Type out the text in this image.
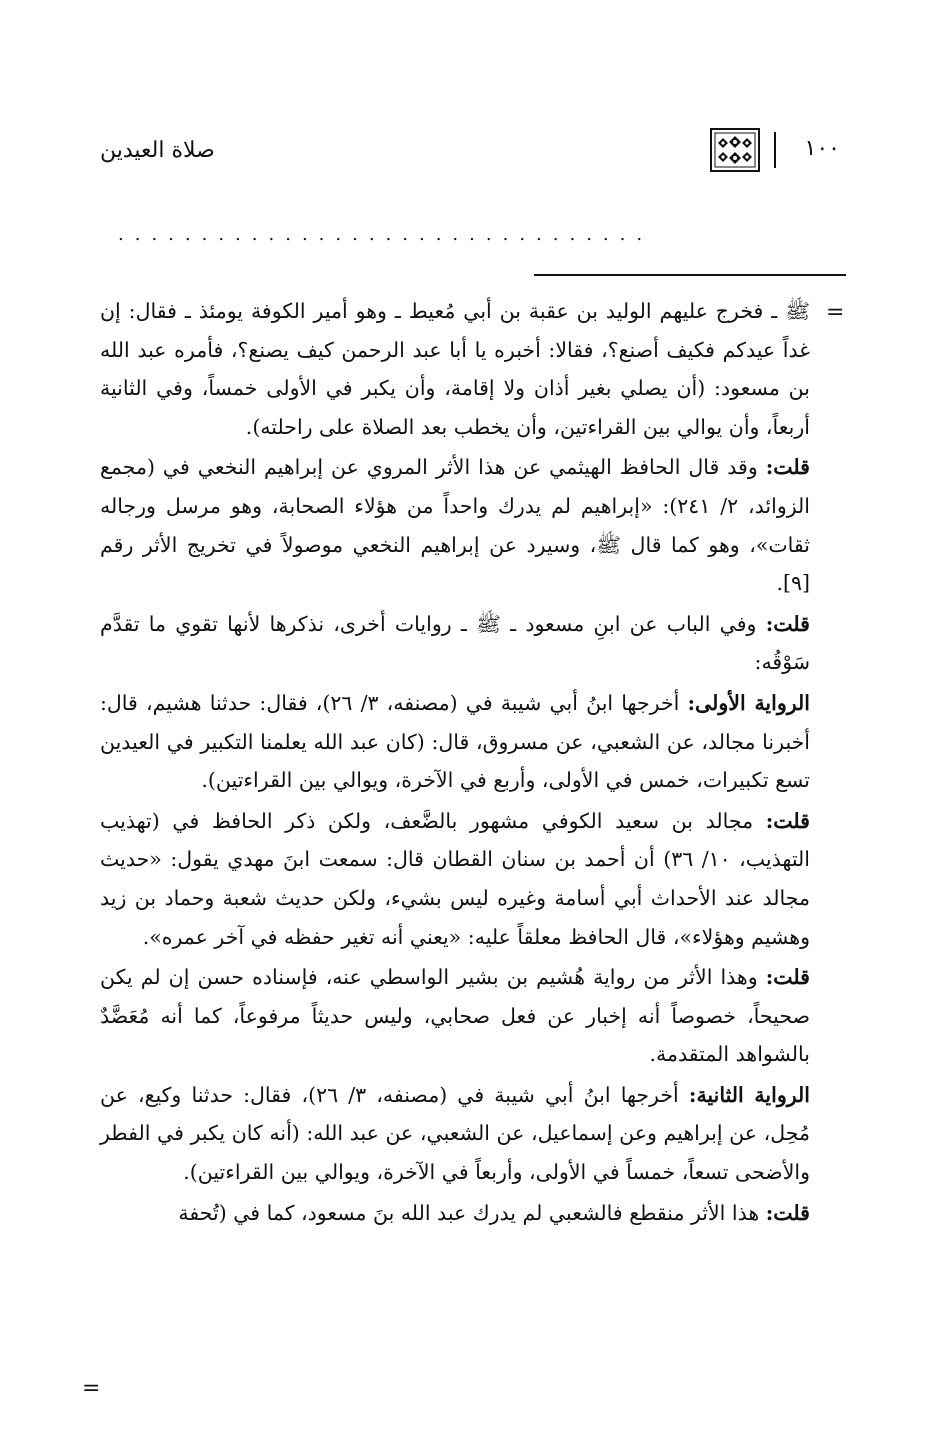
١٠٠
صلاة العيدين
................................
=

ﷺ ـ فخرج عليهم الوليد بن عقبة بن أبي مُعيط ـ وهو أمير الكوفة يومئذ ـ فقال: إن غداً عيدكم فكيف أصنع؟، فقالا: أخبره يا أبا عبد الرحمن كيف يصنع؟، فأمره عبد الله بن مسعود: (أن يصلي بغير أذان ولا إقامة، وأن يكبر في الأولى خمساً، وفي الثانية أربعاً، وأن يوالي بين القراءتين، وأن يخطب بعد الصلاة على راحلته).

قلت: وقد قال الحافظ الهيثمي عن هذا الأثر المروي عن إبراهيم النخعي في (مجمع الزوائد، ٢/ ٢٤١): «إبراهيم لم يدرك واحداً من هؤلاء الصحابة، وهو مرسل ورجاله ثقات»، وهو كما قال ﷺ، وسيرد عن إبراهيم النخعي موصولاً في تخريج الأثر رقم [٩].

قلت: وفي الباب عن ابنِ مسعود ـ ﷺ ـ روايات أخرى، نذكرها لأنها تقوي ما تقدَّم سَوْقُه:

الرواية الأولى: أخرجها ابنُ أبي شيبة في (مصنفه، ٣/ ٢٦)، فقال: حدثنا هشيم، قال: أخبرنا مجالد، عن الشعبي، عن مسروق، قال: (كان عبد الله يعلمنا التكبير في العيدين تسع تكبيرات، خمس في الأولى، وأربع في الآخرة، ويوالي بين القراءتين).

قلت: مجالد بن سعيد الكوفي مشهور بالضَّعف، ولكن ذكر الحافظ في (تهذيب التهذيب، ١٠/ ٣٦) أن أحمد بن سنان القطان قال: سمعت ابنَ مهدي يقول: «حديث مجالد عند الأحداث أبي أسامة وغيره ليس بشيء، ولكن حديث شعبة وحماد بن زيد وهشيم وهؤلاء»، قال الحافظ معلقاً عليه: «يعني أنه تغير حفظه في آخر عمره».

قلت: وهذا الأثر من رواية هُشيم بن بشير الواسطي عنه، فإسناده حسن إن لم يكن صحيحاً، خصوصاً أنه إخبار عن فعل صحابي، وليس حديثاً مرفوعاً، كما أنه مُعَضَّدٌ بالشواهد المتقدمة.

الرواية الثانية: أخرجها ابنُ أبي شيبة في (مصنفه، ٣/ ٢٦)، فقال: حدثنا وكيع، عن مُحِل، عن إبراهيم وعن إسماعيل، عن الشعبي، عن عبد الله: (أنه كان يكبر في الفطر والأضحى تسعاً، خمساً في الأولى، وأربعاً في الآخرة، ويوالي بين القراءتين).

قلت: هذا الأثر منقطع فالشعبي لم يدرك عبد الله بنَ مسعود، كما في (تُحفة

=
